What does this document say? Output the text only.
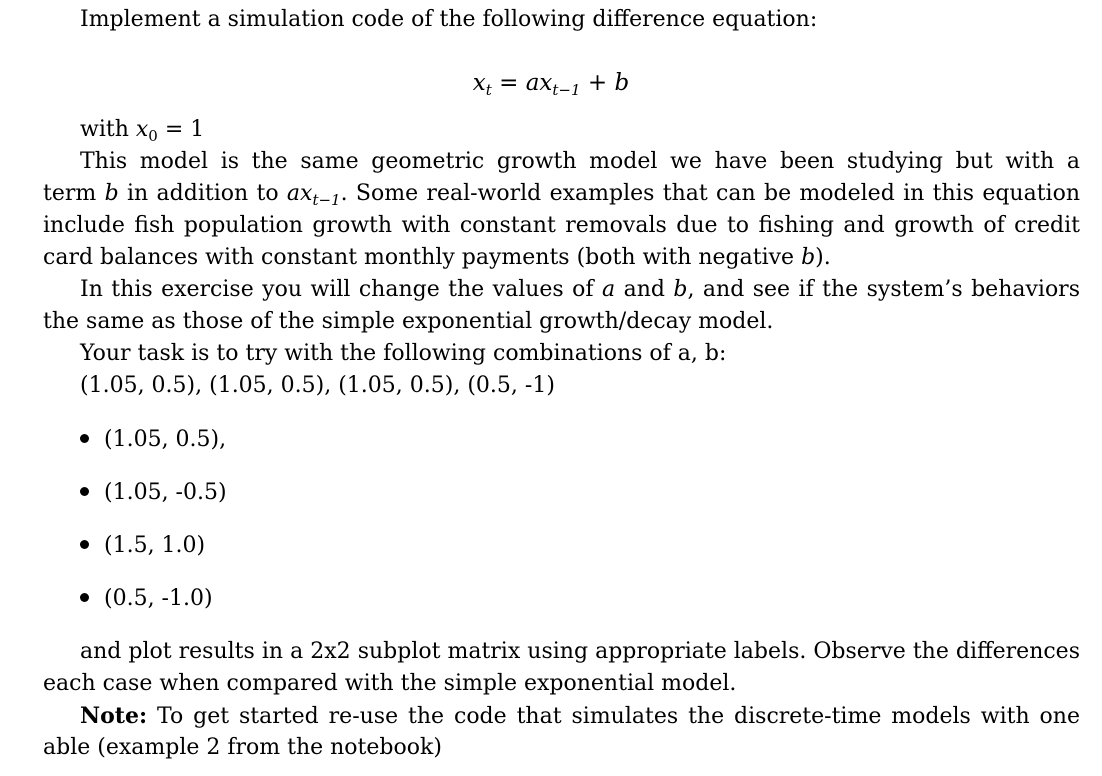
Implement a simulation code of the following difference equation:
$x_t = ax_{t-1} + b$
with $x_0 = 1$
This model is the same geometric growth model we have been studying but with a
term b in addition to $ax_{t-1}$. Some real-world examples that can be modeled in this equation
include fish population growth with constant removals due to fishing and growth of credit
card balances with constant monthly payments (both with negative b).
In this exercise you will change the values of a and b, and see if the system’s behaviors
the same as those of the simple exponential growth/decay model.
Your task is to try with the following combinations of a, b:
(1.05, 0.5), (1.05, 0.5), (1.05, 0.5), (0.5, -1)
(1.05, 0.5),
(1.05, -0.5)
(1.5, 1.0)
(0.5, -1.0)
and plot results in a 2x2 subplot matrix using appropriate labels. Observe the differences
each case when compared with the simple exponential model.
Note: To get started re-use the code that simulates the discrete-time models with one
able (example 2 from the notebook)
